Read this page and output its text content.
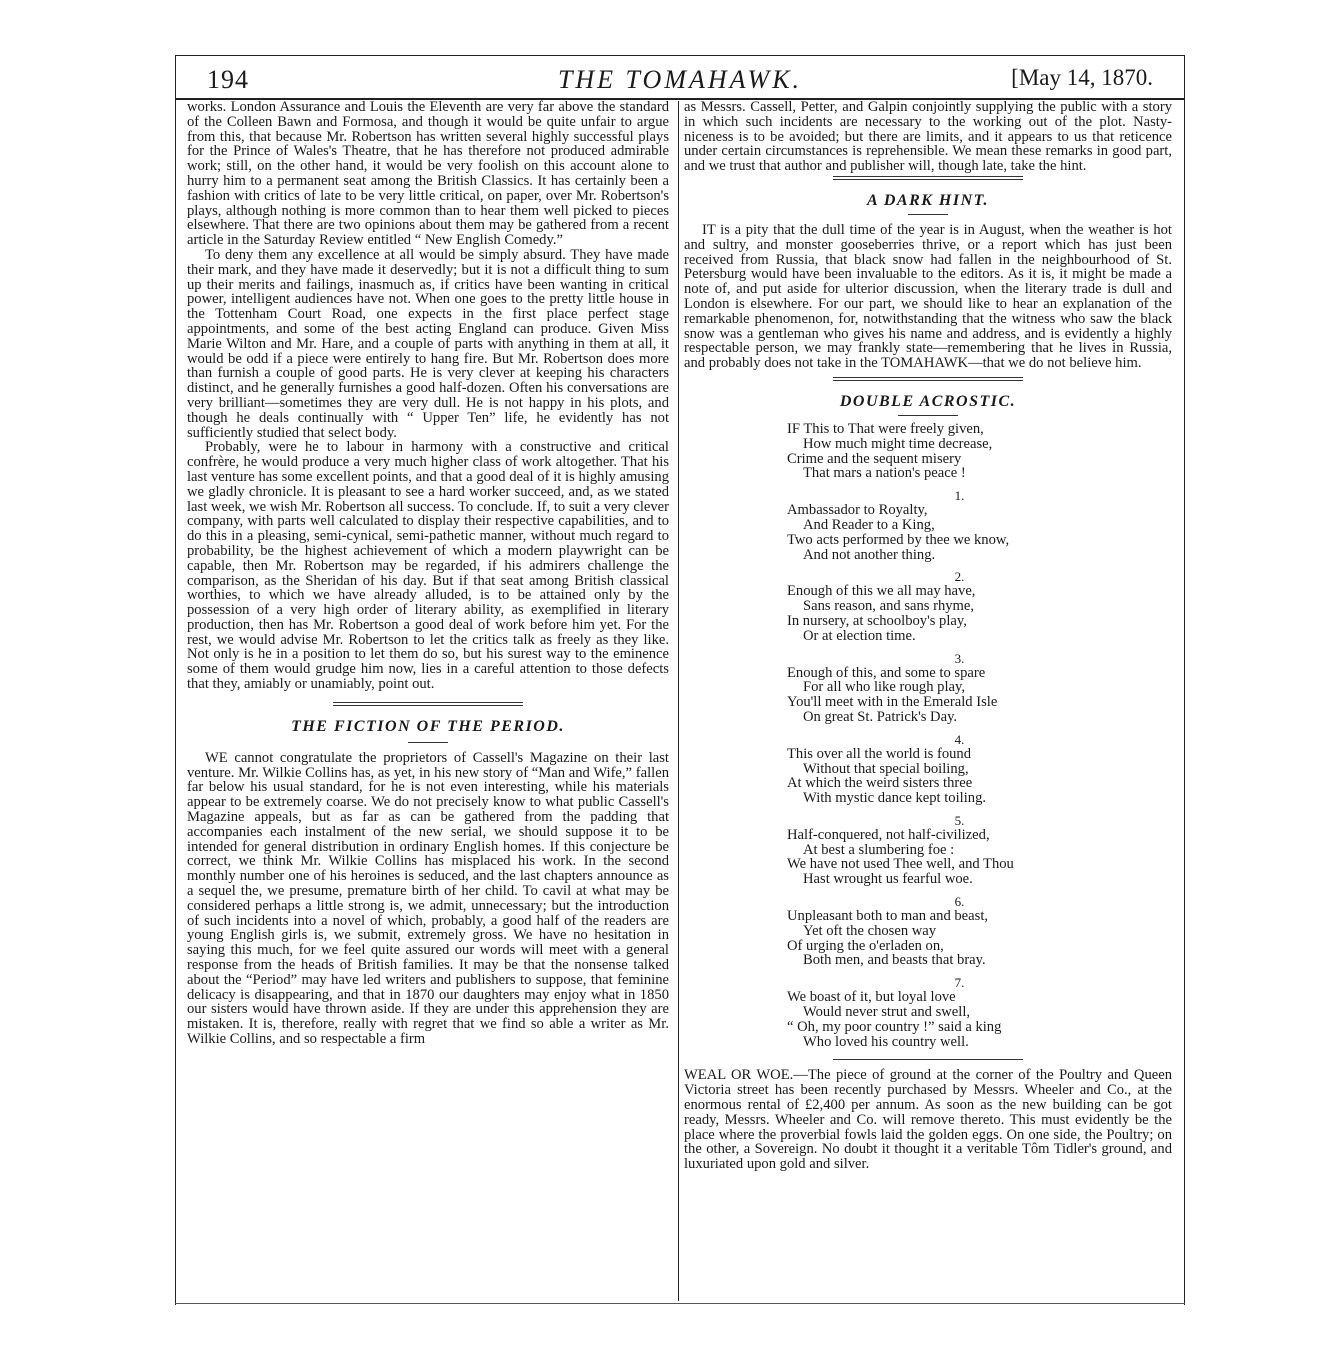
194	THE TOMAHAWK.	[May 14, 1870.

works. London Assurance and Louis the Eleventh are very far above the standard of the Colleen Bawn and Formosa, and though it would be quite unfair to argue from this, that because Mr. Robertson has written several highly successful plays for the Prince of Wales's Theatre, that he has therefore not produced admirable work; still, on the other hand, it would be very foolish on this account alone to hurry him to a permanent seat among the British Classics. It has certainly been a fashion with critics of late to be very little critical, on paper, over Mr. Robertson's plays, although nothing is more common than to hear them well picked to pieces elsewhere. That there are two opinions about them may be gathered from a recent article in the Saturday Review entitled “ New English Comedy.”

To deny them any excellence at all would be simply absurd. They have made their mark, and they have made it deservedly; but it is not a difficult thing to sum up their merits and failings, inasmuch as, if critics have been wanting in critical power, intelligent audiences have not. When one goes to the pretty little house in the Tottenham Court Road, one expects in the first place perfect stage appointments, and some of the best acting England can produce. Given Miss Marie Wilton and Mr. Hare, and a couple of parts with anything in them at all, it would be odd if a piece were entirely to hang fire. But Mr. Robertson does more than furnish a couple of good parts. He is very clever at keeping his characters distinct, and he generally furnishes a good half-dozen. Often his conversations are very brilliant—sometimes they are very dull. He is not happy in his plots, and though he deals continually with “ Upper Ten” life, he evidently has not sufficiently studied that select body.

Probably, were he to labour in harmony with a constructive and critical confrère, he would produce a very much higher class of work altogether. That his last venture has some excellent points, and that a good deal of it is highly amusing we gladly chronicle. It is pleasant to see a hard worker succeed, and, as we stated last week, we wish Mr. Robertson all success. To conclude. If, to suit a very clever company, with parts well calculated to display their respective capabilities, and to do this in a pleasing, semi-cynical, semi-pathetic manner, without much regard to probability, be the highest achievement of which a modern playwright can be capable, then Mr. Robertson may be regarded, if his admirers challenge the comparison, as the Sheridan of his day. But if that seat among British classical worthies, to which we have already alluded, is to be attained only by the possession of a very high order of literary ability, as exemplified in literary production, then has Mr. Robertson a good deal of work before him yet. For the rest, we would advise Mr. Robertson to let the critics talk as freely as they like. Not only is he in a position to let them do so, but his surest way to the eminence some of them would grudge him now, lies in a careful attention to those defects that they, amiably or unamiably, point out.

THE FICTION OF THE PERIOD.

WE cannot congratulate the proprietors of Cassell's Magazine on their last venture. Mr. Wilkie Collins has, as yet, in his new story of “Man and Wife,” fallen far below his usual standard, for he is not even interesting, while his materials appear to be extremely coarse. We do not precisely know to what public Cassell's Magazine appeals, but as far as can be gathered from the padding that accompanies each instalment of the new serial, we should suppose it to be intended for general distribution in ordinary English homes. If this conjecture be correct, we think Mr. Wilkie Collins has misplaced his work. In the second monthly number one of his heroines is seduced, and the last chapters announce as a sequel the, we presume, premature birth of her child. To cavil at what may be considered perhaps a little strong is, we admit, unnecessary; but the introduction of such incidents into a novel of which, probably, a good half of the readers are young English girls is, we submit, extremely gross. We have no hesitation in saying this much, for we feel quite assured our words will meet with a general response from the heads of British families. It may be that the nonsense talked about the “Period” may have led writers and publishers to suppose, that feminine delicacy is disappearing, and that in 1870 our daughters may enjoy what in 1850 our sisters would have thrown aside. If they are under this apprehension they are mistaken. It is, therefore, really with regret that we find so able a writer as Mr. Wilkie Collins, and so respectable a firm

as Messrs. Cassell, Petter, and Galpin conjointly supplying the public with a story in which such incidents are necessary to the working out of the plot. Nasty-niceness is to be avoided; but there are limits, and it appears to us that reticence under certain circumstances is reprehensible. We mean these remarks in good part, and we trust that author and publisher will, though late, take the hint.

A DARK HINT.

IT is a pity that the dull time of the year is in August, when the weather is hot and sultry, and monster gooseberries thrive, or a report which has just been received from Russia, that black snow had fallen in the neighbourhood of St. Petersburg would have been invaluable to the editors. As it is, it might be made a note of, and put aside for ulterior discussion, when the literary trade is dull and London is elsewhere. For our part, we should like to hear an explanation of the remarkable phenomenon, for, notwithstanding that the witness who saw the black snow was a gentleman who gives his name and address, and is evidently a highly respectable person, we may frankly state—remembering that he lives in Russia, and probably does not take in the TOMAHAWK—that we do not believe him.

DOUBLE ACROSTIC.
IF This to That were freely given,
How much might time decrease,
Crime and the sequent misery
That mars a nation's peace !
1.
Ambassador to Royalty,
And Reader to a King,
Two acts performed by thee we know,
And not another thing.
2.
Enough of this we all may have,
Sans reason, and sans rhyme,
In nursery, at schoolboy's play,
Or at election time.
3.
Enough of this, and some to spare
For all who like rough play,
You'll meet with in the Emerald Isle
On great St. Patrick's Day.
4.
This over all the world is found
Without that special boiling,
At which the weird sisters three
With mystic dance kept toiling.
5.
Half-conquered, not half-civilized,
At best a slumbering foe :
We have not used Thee well, and Thou
Hast wrought us fearful woe.
6.
Unpleasant both to man and beast,
Yet oft the chosen way
Of urging the o'erladen on,
Both men, and beasts that bray.
7.
We boast of it, but loyal love
Would never strut and swell,
“ Oh, my poor country !” said a king
Who loved his country well.

WEAL OR WOE.—The piece of ground at the corner of the Poultry and Queen Victoria street has been recently purchased by Messrs. Wheeler and Co., at the enormous rental of £2,400 per annum. As soon as the new building can be got ready, Messrs. Wheeler and Co. will remove thereto. This must evidently be the place where the proverbial fowls laid the golden eggs. On one side, the Poultry; on the other, a Sovereign. No doubt it thought it a veritable Tôm Tidler's ground, and luxuriated upon gold and silver.
